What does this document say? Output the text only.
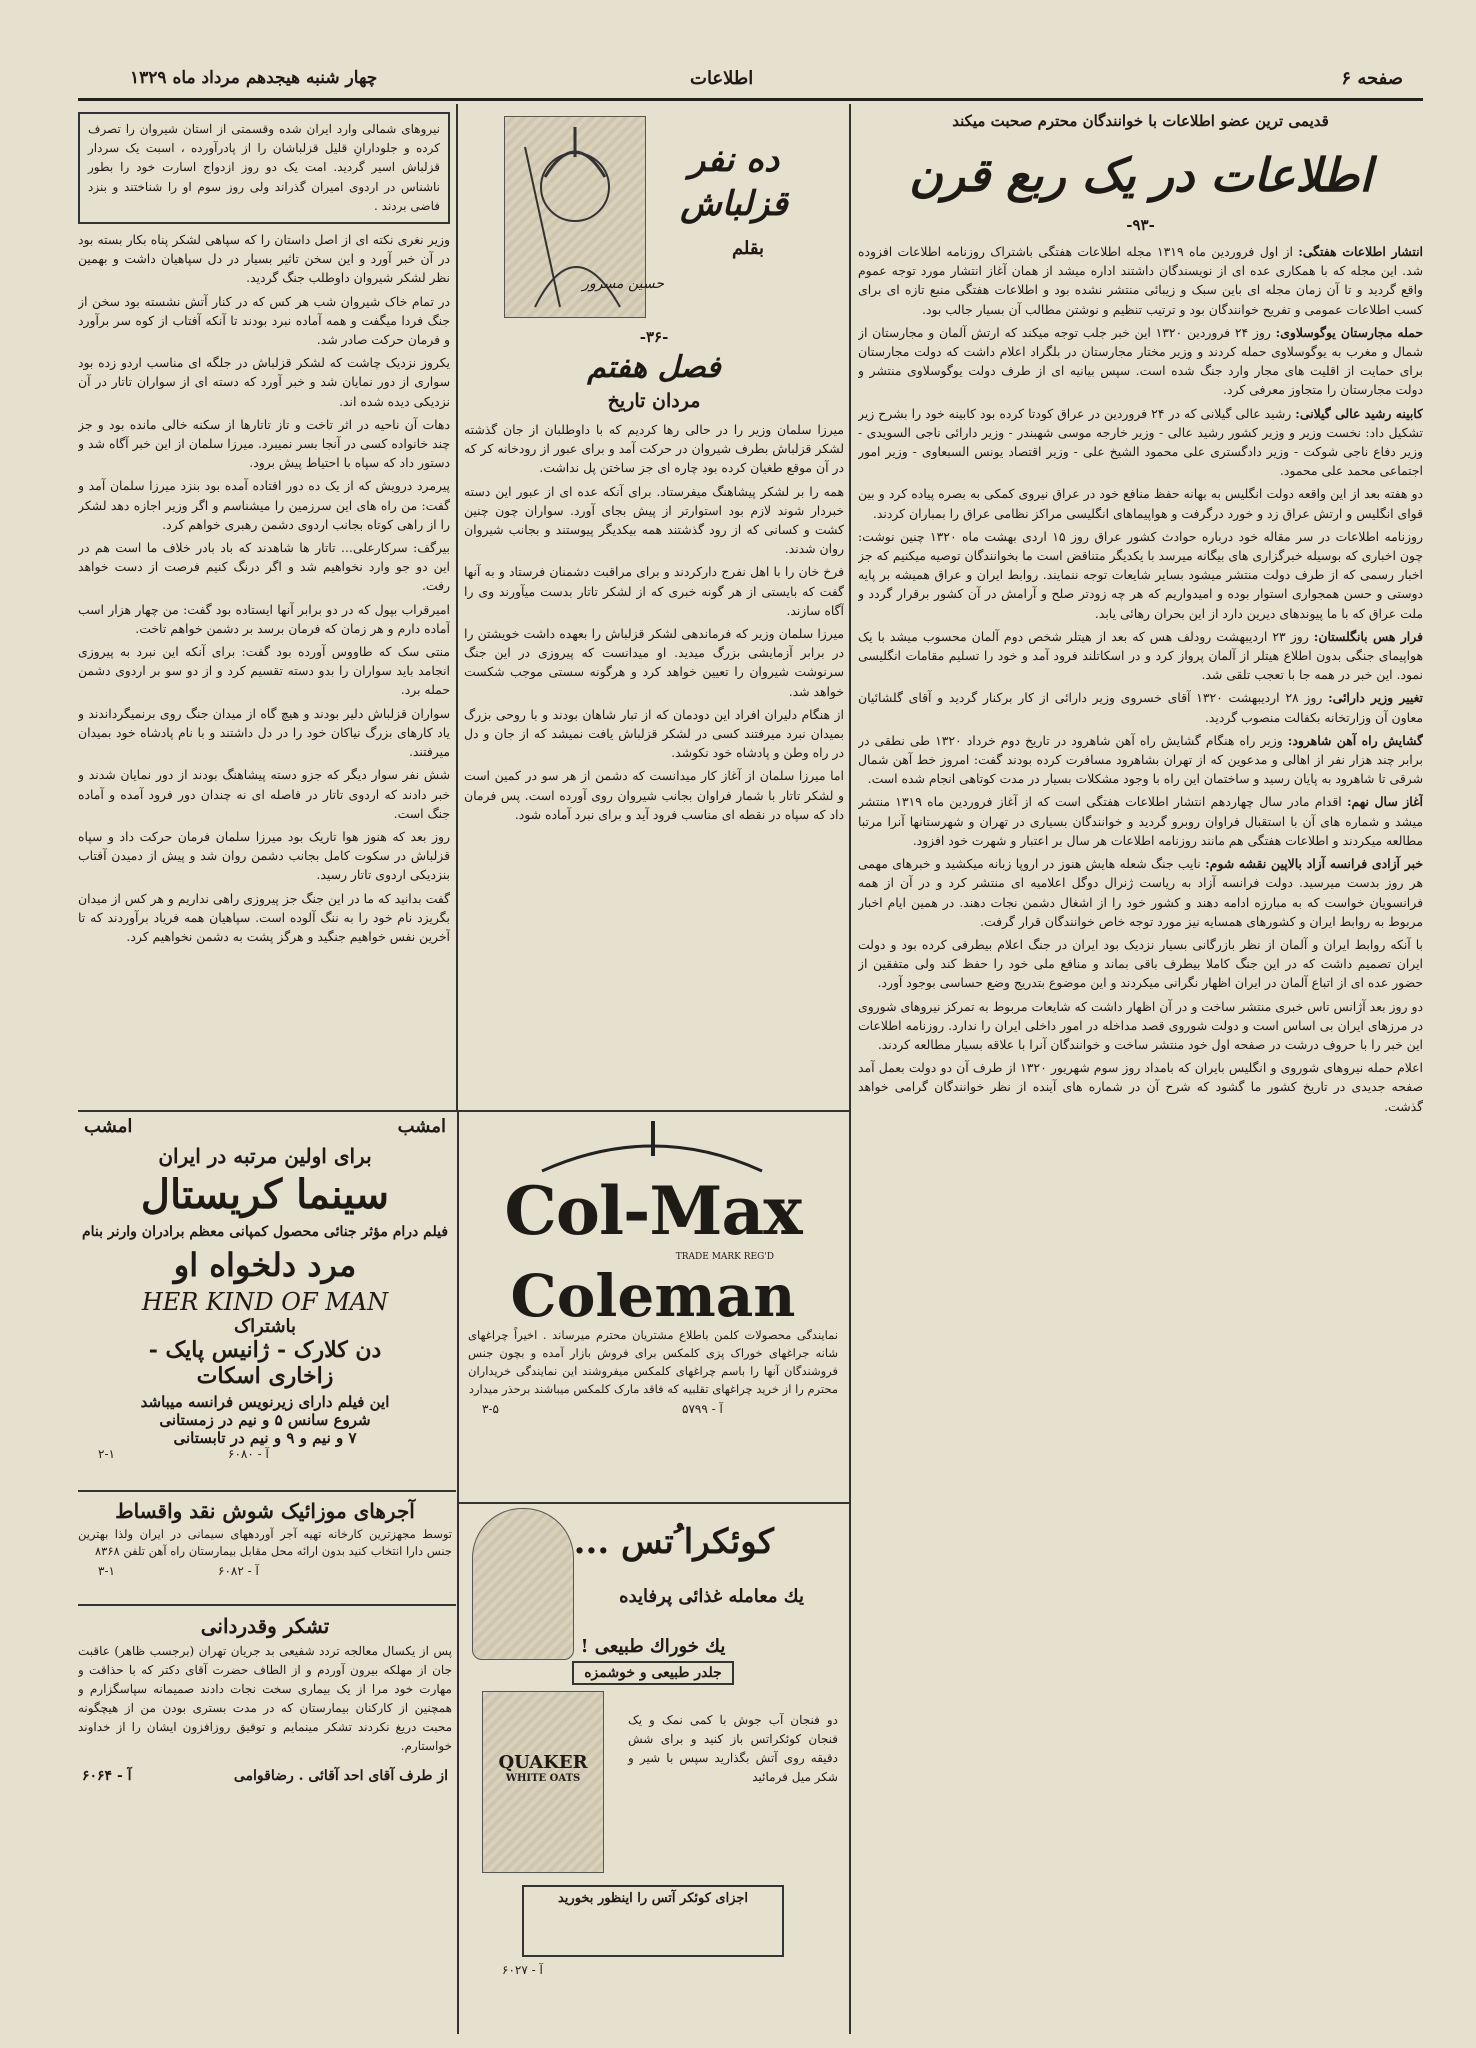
صفحه ۶
اطلاعات
چهار شنبه هیجدهم مرداد ماه ۱۳۲۹
قدیمی ترین عضو اطلاعات با خوانندگان محترم صحبت میکند
اطلاعات در یک ربع قرن
-۹۳-

انتشار اطلاعات هفتگی: از اول فروردین ماه ۱۳۱۹ مجله اطلاعات هفتگی باشتراک روزنامه اطلاعات افزوده شد. این مجله که با همکاری عده ای از نویسندگان داشتند اداره میشد از همان آغاز انتشار مورد توجه عموم واقع گردید و تا آن زمان مجله ای باین سبک و زیبائی منتشر نشده بود و اطلاعات هفتگی منبع تازه ای برای کسب اطلاعات عمومی و تفریح خوانندگان بود و ترتیب تنظیم و نوشتن مطالب آن بسیار جالب بود.

حمله مجارستان یوگوسلاوی: روز ۲۴ فروردین ۱۳۲۰ این خبر جلب توجه میکند که ارتش آلمان و مجارستان از شمال و مغرب به یوگوسلاوی حمله کردند و وزیر مختار مجارستان در بلگراد اعلام داشت که دولت مجارستان برای حمایت از اقلیت های مجار وارد جنگ شده است. سپس بیانیه ای از طرف دولت یوگوسلاوی منتشر و دولت مجارستان را متجاوز معرفی کرد.

کابینه رشید عالی گیلانی: رشید عالی گیلانی که در ۲۴ فروردین در عراق کودتا کرده بود کابینه خود را بشرح زیر تشکیل داد: نخست وزیر و وزیر کشور رشید عالی - وزیر خارجه موسی شهبندر - وزیر دارائی ناجی السویدی - وزیر دفاع ناجی شوکت - وزیر دادگستری علی محمود الشیخ علی - وزیر اقتصاد یونس السبعاوی - وزیر امور اجتماعی محمد علی محمود.

دو هفته بعد از این واقعه دولت انگلیس به بهانه حفظ منافع خود در عراق نیروی کمکی به بصره پیاده کرد و بین قوای انگلیس و ارتش عراق زد و خورد درگرفت و هواپیماهای انگلیسی مراکز نظامی عراق را بمباران کردند.

روزنامه اطلاعات در سر مقاله خود درباره حوادث کشور عراق روز ۱۵ اردی بهشت ماه ۱۳۲۰ چنین نوشت: چون اخباری که بوسیله خبرگزاری های بیگانه میرسد با یکدیگر متناقض است ما بخوانندگان توصیه میکنیم که جز اخبار رسمی که از طرف دولت منتشر میشود بسایر شایعات توجه ننمایند. روابط ایران و عراق همیشه بر پایه دوستی و حسن همجواری استوار بوده و امیدواریم که هر چه زودتر صلح و آرامش در آن کشور برقرار گردد و ملت عراق که با ما پیوندهای دیرین دارد از این بحران رهائی یابد.

فرار هس بانگلستان: روز ۲۳ اردیبهشت رودلف هس که بعد از هیتلر شخص دوم آلمان محسوب میشد با یک هواپیمای جنگی بدون اطلاع هیتلر از آلمان پرواز کرد و در اسکاتلند فرود آمد و خود را تسلیم مقامات انگلیسی نمود. این خبر در همه جا با تعجب تلقی شد.

تغییر وزیر دارائی: روز ۲۸ اردیبهشت ۱۳۲۰ آقای خسروی وزیر دارائی از کار برکنار گردید و آقای گلشائیان معاون آن وزارتخانه بکفالت منصوب گردید.

گشایش راه آهن شاهرود: وزیر راه هنگام گشایش راه آهن شاهرود در تاریخ دوم خرداد ۱۳۲۰ طی نطقی در برابر چند هزار نفر از اهالی و مدعوین که از تهران بشاهرود مسافرت کرده بودند گفت: امروز خط آهن شمال شرقی تا شاهرود به پایان رسید و ساختمان این راه با وجود مشکلات بسیار در مدت کوتاهی انجام شده است.

آغاز سال نهم: اقدام مادر سال چهاردهم انتشار اطلاعات هفتگی است که از آغاز فروردین ماه ۱۳۱۹ منتشر میشد و شماره های آن با استقبال فراوان روبرو گردید و خوانندگان بسیاری در تهران و شهرستانها آنرا مرتبا مطالعه میکردند و اطلاعات هفتگی هم مانند روزنامه اطلاعات هر سال بر اعتبار و شهرت خود افزود.

خبر آزادی فرانسه آزاد بالاپین نقشه شوم: نایب جنگ شعله هایش هنوز در اروپا زبانه میکشید و خبرهای مهمی هر روز بدست میرسید. دولت فرانسه آزاد به ریاست ژنرال دوگل اعلامیه ای منتشر کرد و در آن از همه فرانسویان خواست که به مبارزه ادامه دهند و کشور خود را از اشغال دشمن نجات دهند. در همین ایام اخبار مربوط به روابط ایران و کشورهای همسایه نیز مورد توجه خاص خوانندگان قرار گرفت.

با آنکه روابط ایران و آلمان از نظر بازرگانی بسیار نزدیک بود ایران در جنگ اعلام بیطرفی کرده بود و دولت ایران تصمیم داشت که در این جنگ کاملا بیطرف باقی بماند و منافع ملی خود را حفظ کند ولی متفقین از حضور عده ای از اتباع آلمان در ایران اظهار نگرانی میکردند و این موضوع بتدریج وضع حساسی بوجود آورد.

دو روز بعد آژانس تاس خبری منتشر ساخت و در آن اظهار داشت که شایعات مربوط به تمرکز نیروهای شوروی در مرزهای ایران بی اساس است و دولت شوروی قصد مداخله در امور داخلی ایران را ندارد. روزنامه اطلاعات این خبر را با حروف درشت در صفحه اول خود منتشر ساخت و خوانندگان آنرا با علاقه بسیار مطالعه کردند.

اعلام حمله نیروهای شوروی و انگلیس بایران که بامداد روز سوم شهریور ۱۳۲۰ از طرف آن دو دولت بعمل آمد صفحه جدیدی در تاریخ کشور ما گشود که شرح آن در شماره های آینده از نظر خوانندگان گرامی خواهد گذشت.

ده نفر قزلباش
بقلم
حسین مسرور
-۳۶-
فصل هفتم
مردان تاریخ

میرزا سلمان وزیر را در حالی رها کردیم که با داوطلبان از جان گذشته لشکر قزلباش بطرف شیروان در حرکت آمد و برای عبور از رودخانه کر که در آن موقع طغیان کرده بود چاره ای جز ساختن پل نداشت.

همه را بر لشکر پیشاهنگ میفرستاد. برای آنکه عده ای از عبور این دسته خبردار شوند لازم بود استوارتر از پیش بجای آورد. سواران چون چنین کشت و کسانی که از رود گذشتند همه بیکدیگر پیوستند و بجانب شیروان روان شدند.

فرخ خان را با اهل نفرج دارکردند و برای مراقبت دشمنان فرستاد و به آنها گفت که بایستی از هر گونه خبری که از لشکر تاتار بدست میآورند وی را آگاه سازند.

میرزا سلمان وزیر که فرماندهی لشکر قزلباش را بعهده داشت خویشتن را در برابر آزمایشی بزرگ میدید. او میدانست که پیروزی در این جنگ سرنوشت شیروان را تعیین خواهد کرد و هرگونه سستی موجب شکست خواهد شد.

از هنگام دلیران افراد این دودمان که از تبار شاهان بودند و با روحی بزرگ بمیدان نبرد میرفتند کسی در لشکر قزلباش یافت نمیشد که از جان و دل در راه وطن و پادشاه خود نکوشد.

اما میرزا سلمان از آغاز کار میدانست که دشمن از هر سو در کمین است و لشکر تاتار با شمار فراوان بجانب شیروان روی آورده است. پس فرمان داد که سپاه در نقطه ای مناسب فرود آید و برای نبرد آماده شود.

نیروهای شمالی وارد ایران شده وقسمتی از استان شیروان را تصرف کرده و جلودارانِ قلیل قزلباشان را از پادرآورده ، اسبت یک سردار قزلباش اسیر گردید. امت یک دو روز ازدواج اسارت خود را بطور ناشناس در اردوی امیران گذراند ولی روز سوم او را شناختند و بنزد فاضی بردند .

وزیر نغری نکته ای از اصل داستان را که سپاهی لشکر پناه بکار بسته بود در آن خبر آورد و این سخن تاثیر بسیار در دل سپاهیان داشت و بهمین نظر لشکر شیروان داوطلب جنگ گردید.

در تمام خاک شیروان شب هر کس که در کنار آتش نشسته بود سخن از جنگ فردا میگفت و همه آماده نبرد بودند تا آنکه آفتاب از کوه سر برآورد و فرمان حرکت صادر شد.

یکروز نزدیک چاشت که لشکر قزلباش در جلگه ای مناسب اردو زده بود سواری از دور نمایان شد و خبر آورد که دسته ای از سواران تاتار در آن نزدیکی دیده شده اند.

دهات آن ناحیه در اثر تاخت و تاز تاتارها از سکنه خالی مانده بود و جز چند خانواده کسی در آنجا بسر نمیبرد. میرزا سلمان از این خبر آگاه شد و دستور داد که سپاه با احتیاط پیش برود.

پیرمرد درویش که از یک ده دور افتاده آمده بود بنزد میرزا سلمان آمد و گفت: من راه های این سرزمین را میشناسم و اگر وزیر اجازه دهد لشکر را از راهی کوتاه بجانب اردوی دشمن رهبری خواهم کرد.

بیرگف: سرکارعلی... تاتار ها شاهدند که باد بادر خلاف ما است هم در این دو جو وارد نخواهیم شد و اگر درنگ کنیم فرصت از دست خواهد رفت.

امیرقراب بپول که در دو برابر آنها ایستاده بود گفت: من چهار هزار اسب آماده دارم و هر زمان که فرمان برسد بر دشمن خواهم تاخت.

منتی سک که طاووس آورده بود گفت: برای آنکه این نبرد به پیروزی انجامد باید سواران را بدو دسته تقسیم کرد و از دو سو بر اردوی دشمن حمله برد.

سواران قزلباش دلیر بودند و هیچ گاه از میدان جنگ روی برنمیگرداندند و یاد کارهای بزرگ نیاکان خود را در دل داشتند و با نام پادشاه خود بمیدان میرفتند.

شش نفر سوار دیگر که جزو دسته پیشاهنگ بودند از دور نمایان شدند و خبر دادند که اردوی تاتار در فاصله ای نه چندان دور فرود آمده و آماده جنگ است.

روز بعد که هنوز هوا تاریک بود میرزا سلمان فرمان حرکت داد و سپاه قزلباش در سکوت کامل بجانب دشمن روان شد و پیش از دمیدن آفتاب بنزدیکی اردوی تاتار رسید.

گفت بدانید که ما در این جنگ جز پیروزی راهی نداریم و هر کس از میدان بگریزد نام خود را به ننگ آلوده است. سپاهیان همه فریاد برآوردند که تا آخرین نفس خواهیم جنگید و هرگز پشت به دشمن نخواهیم کرد.

امشب
امشب
برای اولین مرتبه در ایران
سینما کریستال
فیلم درام مؤثر جنائی محصول کمپانی معظم برادران وارنر بنام
مرد دلخواه او
HER KIND OF MAN
باشتراک
دن کلارک - ژانیس پایک -
زاخاری اسکات
این فیلم دارای زیرنویس فرانسه میباشد
شروع سانس ۵ و نیم در زمستانی
۷ و نیم و ۹ و نیم در تابستانی
آ - ۶۰۸۰
۲-۱
آجرهای موزائیک شوش نقد واقساط
توسط مجهزترین کارخانه تهیه آجر آوردههای سیمانی در ایران ولذا بهترین جنس دارا انتخاب کنید بدون ارائه محل مقابل بیمارستان راه آهن تلفن ۸۳۶۸
آ - ۶۰۸۲
۳-۱
تشکر وقدردانی
پس از یکسال معالجه تردد شفیعی بد جریان تهران (برجسب ظاهر) عاقبت جان از مهلکه بیرون آوردم و از الطاف حضرت آقای دکتر که با حذاقت و مهارت خود مرا از یک بیماری سخت نجات دادند صمیمانه سپاسگزارم و همچنین از کارکنان بیمارستان که در مدت بستری بودن من از هیچگونه محبت دریغ نکردند تشکر مینمایم و توفیق روزافزون ایشان را از خداوند خواستارم.
از طرف آقای احد آقائی . رضاقوامی
آ - ۶۰۶۴
Col-Max
TRADE MARK REG'D
Coleman
نمایندگی محصولات کلمن باطلاع مشتریان محترم میرساند . اخیراً چراغهای شانه جراغهای خوراک پزی کلمکس برای فروش بازار آمده و بچون جنس فروشندگان آنها را باسم چراغهای کلمکس میفروشند این نمایندگی خریداران محترم را از خرید چراغهای تقلبیه که فاقد مارک کلمکس میباشند برحذر میدارد
آ - ۵۷۹۹
۳-۵
کوئکرا ُتس ...
یك معامله غذائی پرفایده
یك خوراك طبیعی !
جلدر طبیعی و خوشمزه
QUAKER
WHITE OATS
دو فنجان آب جوش با کمی نمک و یک فنجان کوئکراتس باز کنید و برای شش دقیقه روی آتش بگذارید سپس با شیر و شکر میل فرمائید
اجزای کوئکر آتس را اینظور بخورید
آ - ۶۰۲۷
